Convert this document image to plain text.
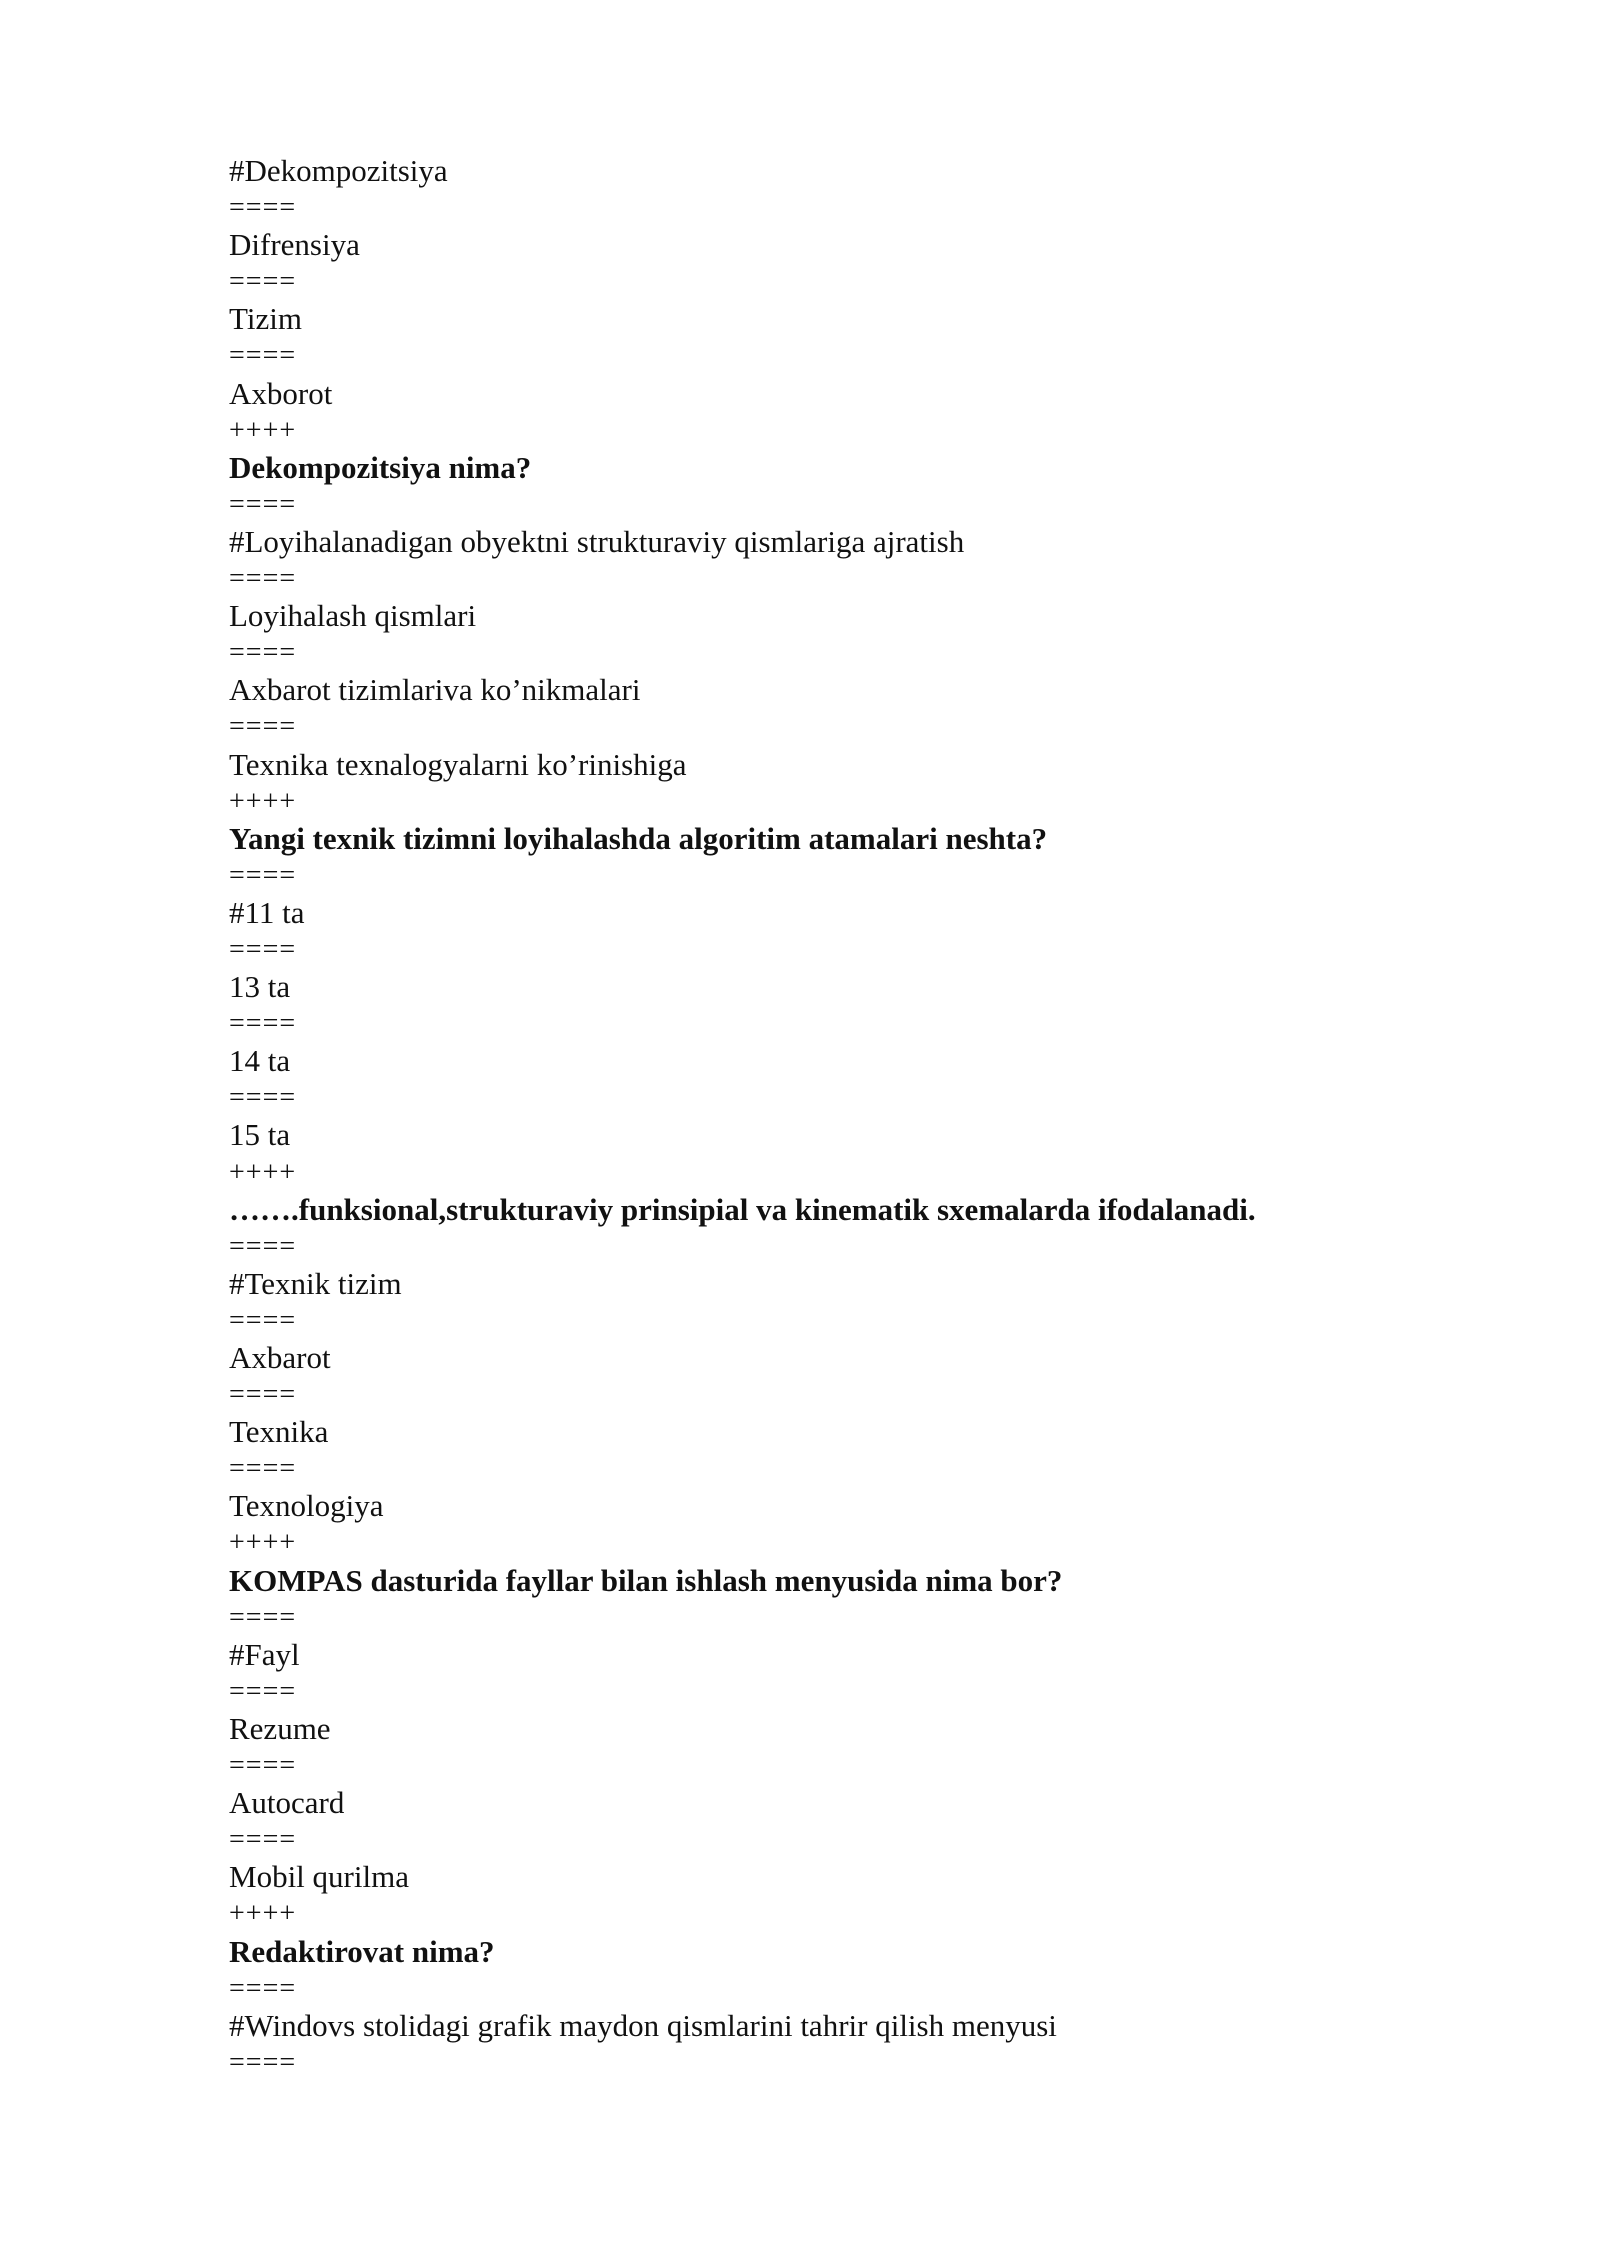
#Dekompozitsiya
====
Difrensiya
====
Tizim
====
Axborot
++++
Dekompozitsiya nima?
====
#Loyihalanadigan obyektni strukturaviy qismlariga ajratish
====
Loyihalash qismlari
====
Axbarot tizimlariva ko’nikmalari
====
Texnika texnalogyalarni ko’rinishiga
++++
Yangi texnik tizimni loyihalashda algoritim atamalari neshta?
====
#11 ta
====
13 ta
====
14 ta
====
15 ta
++++
…….funksional,strukturaviy prinsipial va kinematik sxemalarda ifodalanadi.
====
#Texnik tizim
====
Axbarot
====
Texnika
====
Texnologiya
++++
KOMPAS dasturida fayllar bilan ishlash menyusida nima bor?
====
#Fayl
====
Rezume
====
Autocard
====
Mobil qurilma
++++
Redaktirovat nima?
====
#Windovs stolidagi grafik maydon qismlarini tahrir qilish menyusi
====
